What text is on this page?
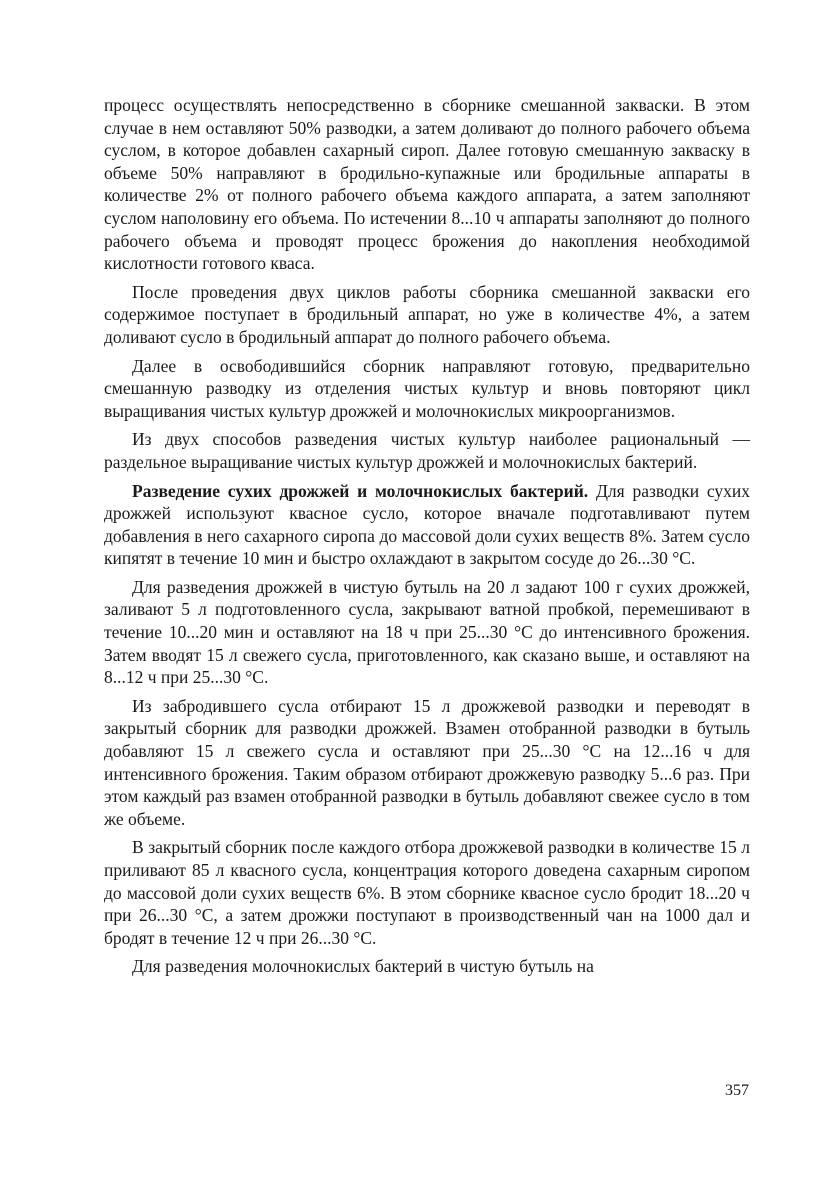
процесс осуществлять непосредственно в сборнике смешанной закваски. В этом случае в нем оставляют 50% разводки, а затем доливают до полного рабочего объема суслом, в которое добавлен сахарный сироп. Далее готовую смешанную закваску в объеме 50% направляют в бродильно-купажные или бродильные аппараты в количестве 2% от полного рабочего объема каждого аппарата, а затем заполняют суслом наполовину его объема. По истечении 8...10 ч аппараты заполняют до полного рабочего объема и проводят процесс брожения до накопления необходимой кислотности готового кваса.

После проведения двух циклов работы сборника смешанной закваски его содержимое поступает в бродильный аппарат, но уже в количестве 4%, а затем доливают сусло в бродильный аппарат до полного рабочего объема.

Далее в освободившийся сборник направляют готовую, предварительно смешанную разводку из отделения чистых культур и вновь повторяют цикл выращивания чистых культур дрожжей и молочнокислых микроорганизмов.

Из двух способов разведения чистых культур наиболее рациональный — раздельное выращивание чистых культур дрожжей и молочнокислых бактерий.

Разведение сухих дрожжей и молочнокислых бактерий. Для разводки сухих дрожжей используют квасное сусло, которое вначале подготавливают путем добавления в него сахарного сиропа до массовой доли сухих веществ 8%. Затем сусло кипятят в течение 10 мин и быстро охлаждают в закрытом сосуде до 26...30 °С.

Для разведения дрожжей в чистую бутыль на 20 л задают 100 г сухих дрожжей, заливают 5 л подготовленного сусла, закрывают ватной пробкой, перемешивают в течение 10...20 мин и оставляют на 18 ч при 25...30 °С до интенсивного брожения. Затем вводят 15 л свежего сусла, приготовленного, как сказано выше, и оставляют на 8...12 ч при 25...30 °С.

Из забродившего сусла отбирают 15 л дрожжевой разводки и переводят в закрытый сборник для разводки дрожжей. Взамен отобранной разводки в бутыль добавляют 15 л свежего сусла и оставляют при 25...30 °С на 12...16 ч для интенсивного брожения. Таким образом отбирают дрожжевую разводку 5...6 раз. При этом каждый раз взамен отобранной разводки в бутыль добавляют свежее сусло в том же объеме.

В закрытый сборник после каждого отбора дрожжевой разводки в количестве 15 л приливают 85 л квасного сусла, концентрация которого доведена сахарным сиропом до массовой доли сухих веществ 6%. В этом сборнике квасное сусло бродит 18...20 ч при 26...30 °С, а затем дрожжи поступают в производственный чан на 1000 дал и бродят в течение 12 ч при 26...30 °С.

Для разведения молочнокислых бактерий в чистую бутыль на

357
